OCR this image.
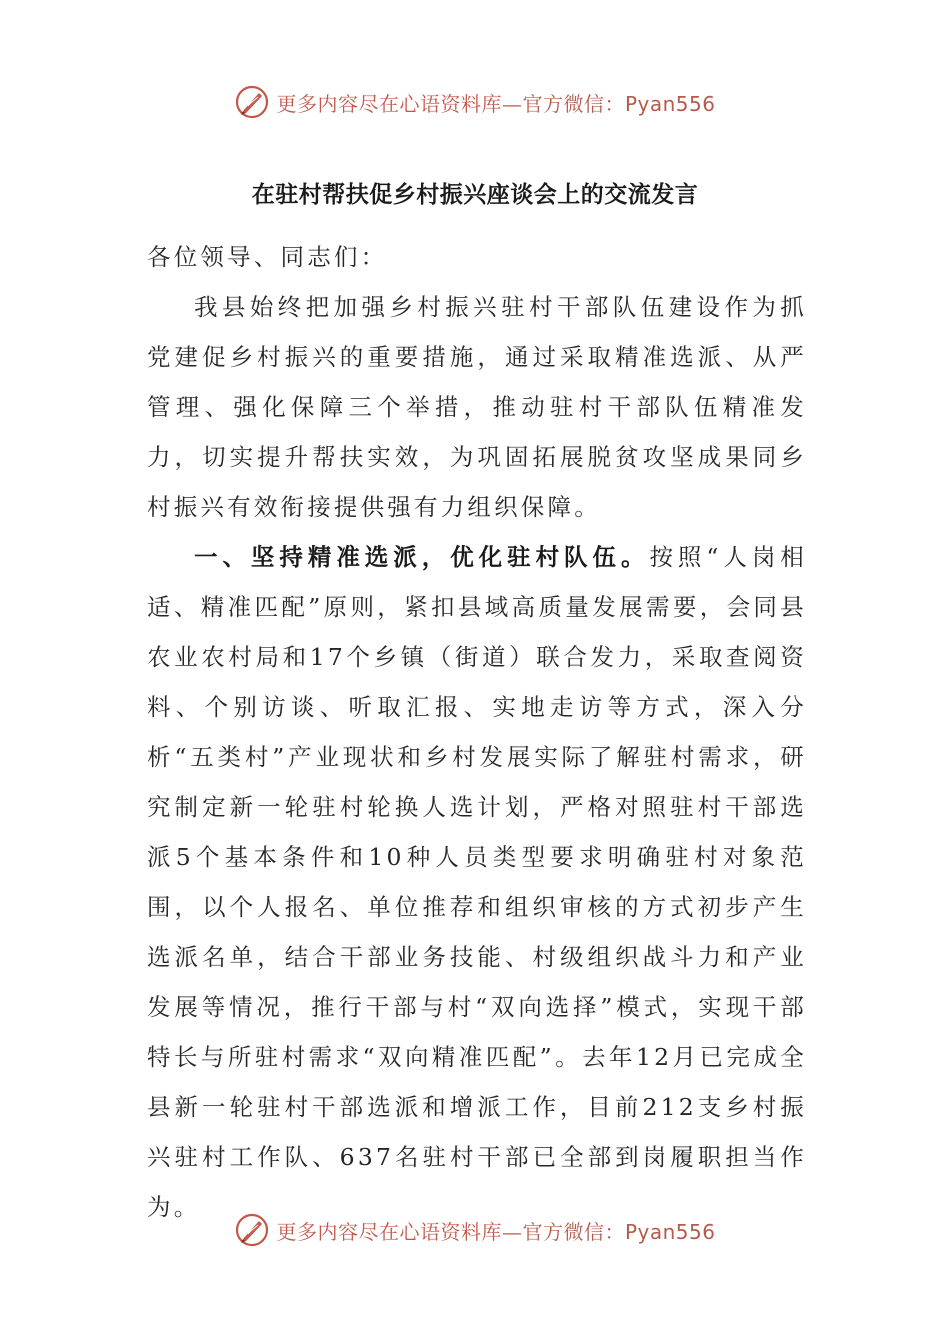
更多内容尽在心语资料库—官方微信：Pyan556
在驻村帮扶促乡村振兴座谈会上的交流发言

各位领导、同志们：

我县始终把加强乡村振兴驻村干部队伍建设作为抓党建促乡村振兴的重要措施，通过采取精准选派、从严管理、强化保障三个举措，推动驻村干部队伍精准发力，切实提升帮扶实效，为巩固拓展脱贫攻坚成果同乡村振兴有效衔接提供强有力组织保障。

一、坚持精准选派，优化驻村队伍。按照“人岗相适、精准匹配”原则，紧扣县域高质量发展需要，会同县农业农村局和17个乡镇（街道）联合发力，采取查阅资料、个别访谈、听取汇报、实地走访等方式，深入分析“五类村”产业现状和乡村发展实际了解驻村需求，研究制定新一轮驻村轮换人选计划，严格对照驻村干部选派5个基本条件和10种人员类型要求明确驻村对象范围，以个人报名、单位推荐和组织审核的方式初步产生选派名单，结合干部业务技能、村级组织战斗力和产业发展等情况，推行干部与村“双向选择”模式，实现干部特长与所驻村需求“双向精准匹配”。去年12月已完成全县新一轮驻村干部选派和增派工作，目前212支乡村振兴驻村工作队、637名驻村干部已全部到岗履职担当作为。

更多内容尽在心语资料库—官方微信：Pyan556
